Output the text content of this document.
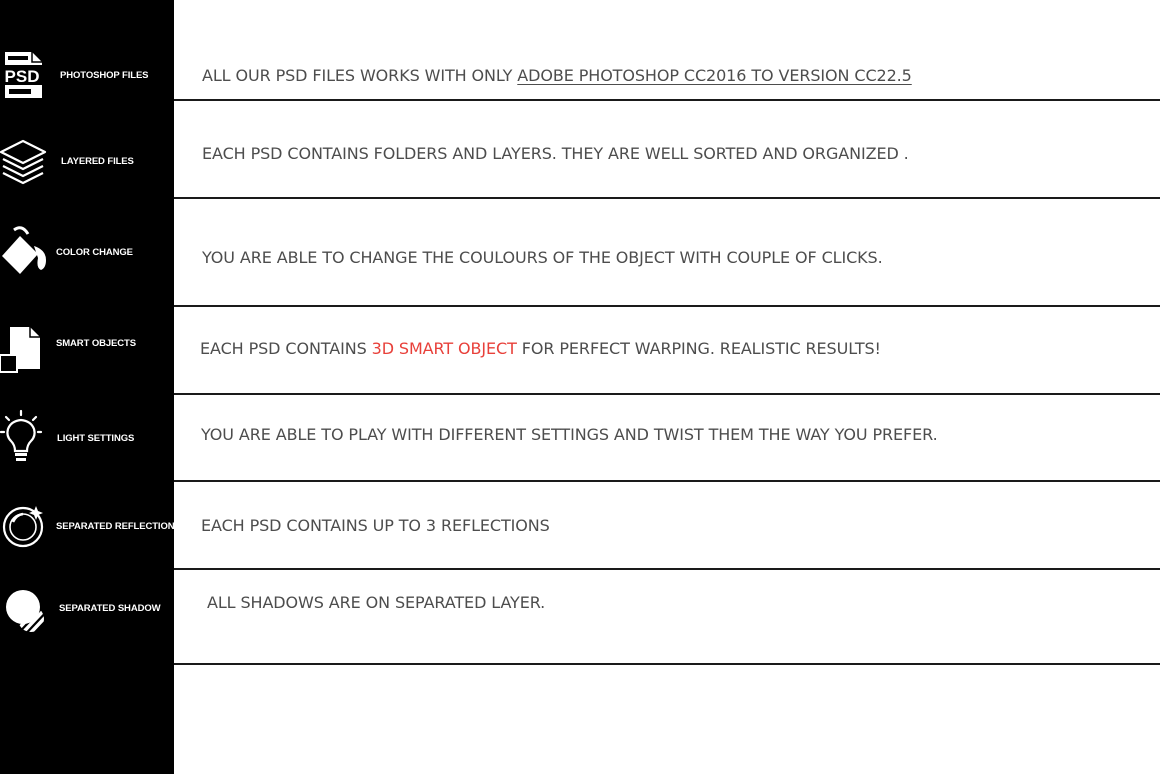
PSD PHOTOSHOP FILES
LAYERED FILES
COLOR CHANGE
SMART OBJECTS
LIGHT SETTINGS
SEPARATED REFLECTION
SEPARATED SHADOW
ALL OUR PSD FILES WORKS WITH ONLY ADOBE PHOTOSHOP CC2016 TO VERSION CC22.5
EACH PSD CONTAINS FOLDERS AND LAYERS. THEY ARE WELL SORTED AND ORGANIZED .
YOU ARE ABLE TO CHANGE THE COULOURS OF THE OBJECT WITH COUPLE OF CLICKS.
EACH PSD CONTAINS 3D SMART OBJECT FOR PERFECT WARPING. REALISTIC RESULTS!
YOU ARE ABLE TO PLAY WITH DIFFERENT SETTINGS AND TWIST THEM THE WAY YOU PREFER.
EACH PSD CONTAINS UP TO 3 REFLECTIONS
ALL SHADOWS ARE ON SEPARATED LAYER.
